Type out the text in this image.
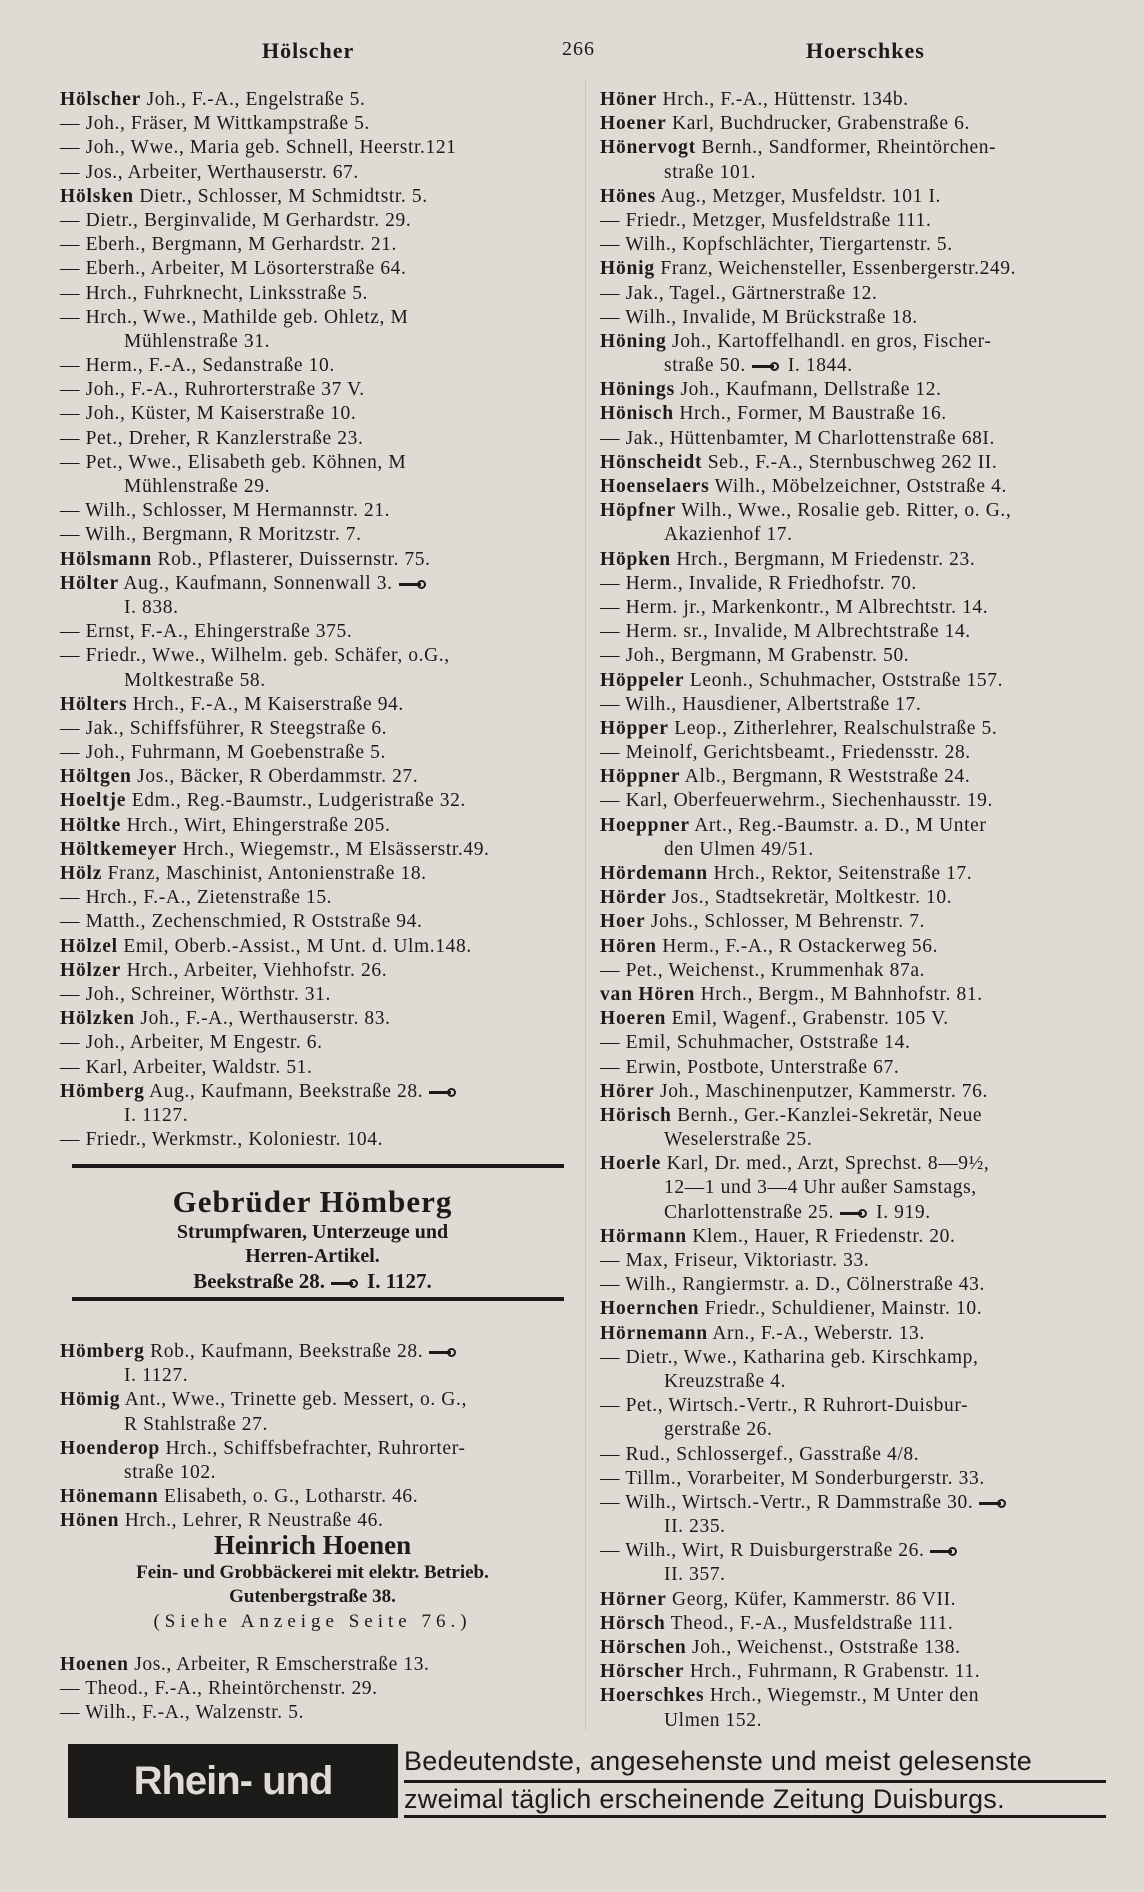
Hölscher	266	Hoerschkes
Hölscher Joh., F.-A., Engelstraße 5.
— Joh., Fräser, M Wittkampstraße 5.
— Joh., Wwe., Maria geb. Schnell, Heerstr.121
— Jos., Arbeiter, Werthauserstr. 67.
Hölsken Dietr., Schlosser, M Schmidtstr. 5.
— Dietr., Berginvalide, M Gerhardstr. 29.
— Eberh., Bergmann, M Gerhardstr. 21.
— Eberh., Arbeiter, M Lösorterstraße 64.
— Hrch., Fuhrknecht, Linksstraße 5.
— Hrch., Wwe., Mathilde geb. Ohletz, M
Mühlenstraße 31.
— Herm., F.-A., Sedanstraße 10.
— Joh., F.-A., Ruhrorterstraße 37 V.
— Joh., Küster, M Kaiserstraße 10.
— Pet., Dreher, R Kanzlerstraße 23.
— Pet., Wwe., Elisabeth geb. Köhnen, M
Mühlenstraße 29.
— Wilh., Schlosser, M Hermannstr. 21.
— Wilh., Bergmann, R Moritzstr. 7.
Hölsmann Rob., Pflasterer, Duissernstr. 75.
Hölter Aug., Kaufmann, Sonnenwall 3.
I. 838.
— Ernst, F.-A., Ehingerstraße 375.
— Friedr., Wwe., Wilhelm. geb. Schäfer, o.G.,
Moltkestraße 58.
Hölters Hrch., F.-A., M Kaiserstraße 94.
— Jak., Schiffsführer, R Steegstraße 6.
— Joh., Fuhrmann, M Goebenstraße 5.
Höltgen Jos., Bäcker, R Oberdammstr. 27.
Hoeltje Edm., Reg.-Baumstr., Ludgeristraße 32.
Höltke Hrch., Wirt, Ehingerstraße 205.
Höltkemeyer Hrch., Wiegemstr., M Elsässerstr.49.
Hölz Franz, Maschinist, Antonienstraße 18.
— Hrch., F.-A., Zietenstraße 15.
— Matth., Zechenschmied, R Oststraße 94.
Hölzel Emil, Oberb.-Assist., M Unt. d. Ulm.148.
Hölzer Hrch., Arbeiter, Viehhofstr. 26.
— Joh., Schreiner, Wörthstr. 31.
Hölzken Joh., F.-A., Werthauserstr. 83.
— Joh., Arbeiter, M Engestr. 6.
— Karl, Arbeiter, Waldstr. 51.
Hömberg Aug., Kaufmann, Beekstraße 28.
I. 1127.
— Friedr., Werkmstr., Koloniestr. 104.
Gebrüder Hömberg
Strumpfwaren, Unterzeuge und
Herren-Artikel.
Beekstraße 28. I. 1127.
Hömberg Rob., Kaufmann, Beekstraße 28.
I. 1127.
Hömig Ant., Wwe., Trinette geb. Messert, o. G.,
R Stahlstraße 27.
Hoenderop Hrch., Schiffsbefrachter, Ruhrorter-
straße 102.
Hönemann Elisabeth, o. G., Lotharstr. 46.
Hönen Hrch., Lehrer, R Neustraße 46.
Heinrich Hoenen
Fein- und Grobbäckerei mit elektr. Betrieb.
Gutenbergstraße 38.
(Siehe Anzeige Seite 76.)
Hoenen Jos., Arbeiter, R Emscherstraße 13.
— Theod., F.-A., Rheintörchenstr. 29.
— Wilh., F.-A., Walzenstr. 5.
Höner Hrch., F.-A., Hüttenstr. 134b.
Hoener Karl, Buchdrucker, Grabenstraße 6.
Hönervogt Bernh., Sandformer, Rheintörchen-
straße 101.
Hönes Aug., Metzger, Musfeldstr. 101 I.
— Friedr., Metzger, Musfeldstraße 111.
— Wilh., Kopfschlächter, Tiergartenstr. 5.
Hönig Franz, Weichensteller, Essenbergerstr.249.
— Jak., Tagel., Gärtnerstraße 12.
— Wilh., Invalide, M Brückstraße 18.
Höning Joh., Kartoffelhandl. en gros, Fischer-
straße 50. I. 1844.
Hönings Joh., Kaufmann, Dellstraße 12.
Hönisch Hrch., Former, M Baustraße 16.
— Jak., Hüttenbamter, M Charlottenstraße 68I.
Hönscheidt Seb., F.-A., Sternbuschweg 262 II.
Hoenselaers Wilh., Möbelzeichner, Oststraße 4.
Höpfner Wilh., Wwe., Rosalie geb. Ritter, o. G.,
Akazienhof 17.
Höpken Hrch., Bergmann, M Friedenstr. 23.
— Herm., Invalide, R Friedhofstr. 70.
— Herm. jr., Markenkontr., M Albrechtstr. 14.
— Herm. sr., Invalide, M Albrechtstraße 14.
— Joh., Bergmann, M Grabenstr. 50.
Höppeler Leonh., Schuhmacher, Oststraße 157.
— Wilh., Hausdiener, Albertstraße 17.
Höpper Leop., Zitherlehrer, Realschulstraße 5.
— Meinolf, Gerichtsbeamt., Friedensstr. 28.
Höppner Alb., Bergmann, R Weststraße 24.
— Karl, Oberfeuerwehrm., Siechenhausstr. 19.
Hoeppner Art., Reg.-Baumstr. a. D., M Unter
den Ulmen 49/51.
Hördemann Hrch., Rektor, Seitenstraße 17.
Hörder Jos., Stadtsekretär, Moltkestr. 10.
Hoer Johs., Schlosser, M Behrenstr. 7.
Hören Herm., F.-A., R Ostackerweg 56.
— Pet., Weichenst., Krummenhak 87a.
van Hören Hrch., Bergm., M Bahnhofstr. 81.
Hoeren Emil, Wagenf., Grabenstr. 105 V.
— Emil, Schuhmacher, Oststraße 14.
— Erwin, Postbote, Unterstraße 67.
Hörer Joh., Maschinenputzer, Kammerstr. 76.
Hörisch Bernh., Ger.-Kanzlei-Sekretär, Neue
Weselerstraße 25.
Hoerle Karl, Dr. med., Arzt, Sprechst. 8—9½,
12—1 und 3—4 Uhr außer Samstags,
Charlottenstraße 25. I. 919.
Hörmann Klem., Hauer, R Friedenstr. 20.
— Max, Friseur, Viktoriastr. 33.
— Wilh., Rangiermstr. a. D., Cölnerstraße 43.
Hoernchen Friedr., Schuldiener, Mainstr. 10.
Hörnemann Arn., F.-A., Weberstr. 13.
— Dietr., Wwe., Katharina geb. Kirschkamp,
Kreuzstraße 4.
— Pet., Wirtsch.-Vertr., R Ruhrort-Duisbur-
gerstraße 26.
— Rud., Schlossergef., Gasstraße 4/8.
— Tillm., Vorarbeiter, M Sonderburgerstr. 33.
— Wilh., Wirtsch.-Vertr., R Dammstraße 30.
II. 235.
— Wilh., Wirt, R Duisburgerstraße 26.
II. 357.
Hörner Georg, Küfer, Kammerstr. 86 VII.
Hörsch Theod., F.-A., Musfeldstraße 111.
Hörschen Joh., Weichenst., Oststraße 138.
Hörscher Hrch., Fuhrmann, R Grabenstr. 11.
Hoerschkes Hrch., Wiegemstr., M Unter den
Ulmen 152.
Rhein- und Ruhrzeitung
Bedeutendste, angesehenste und meist gelesenste
zweimal täglich erscheinende Zeitung Duisburgs.
